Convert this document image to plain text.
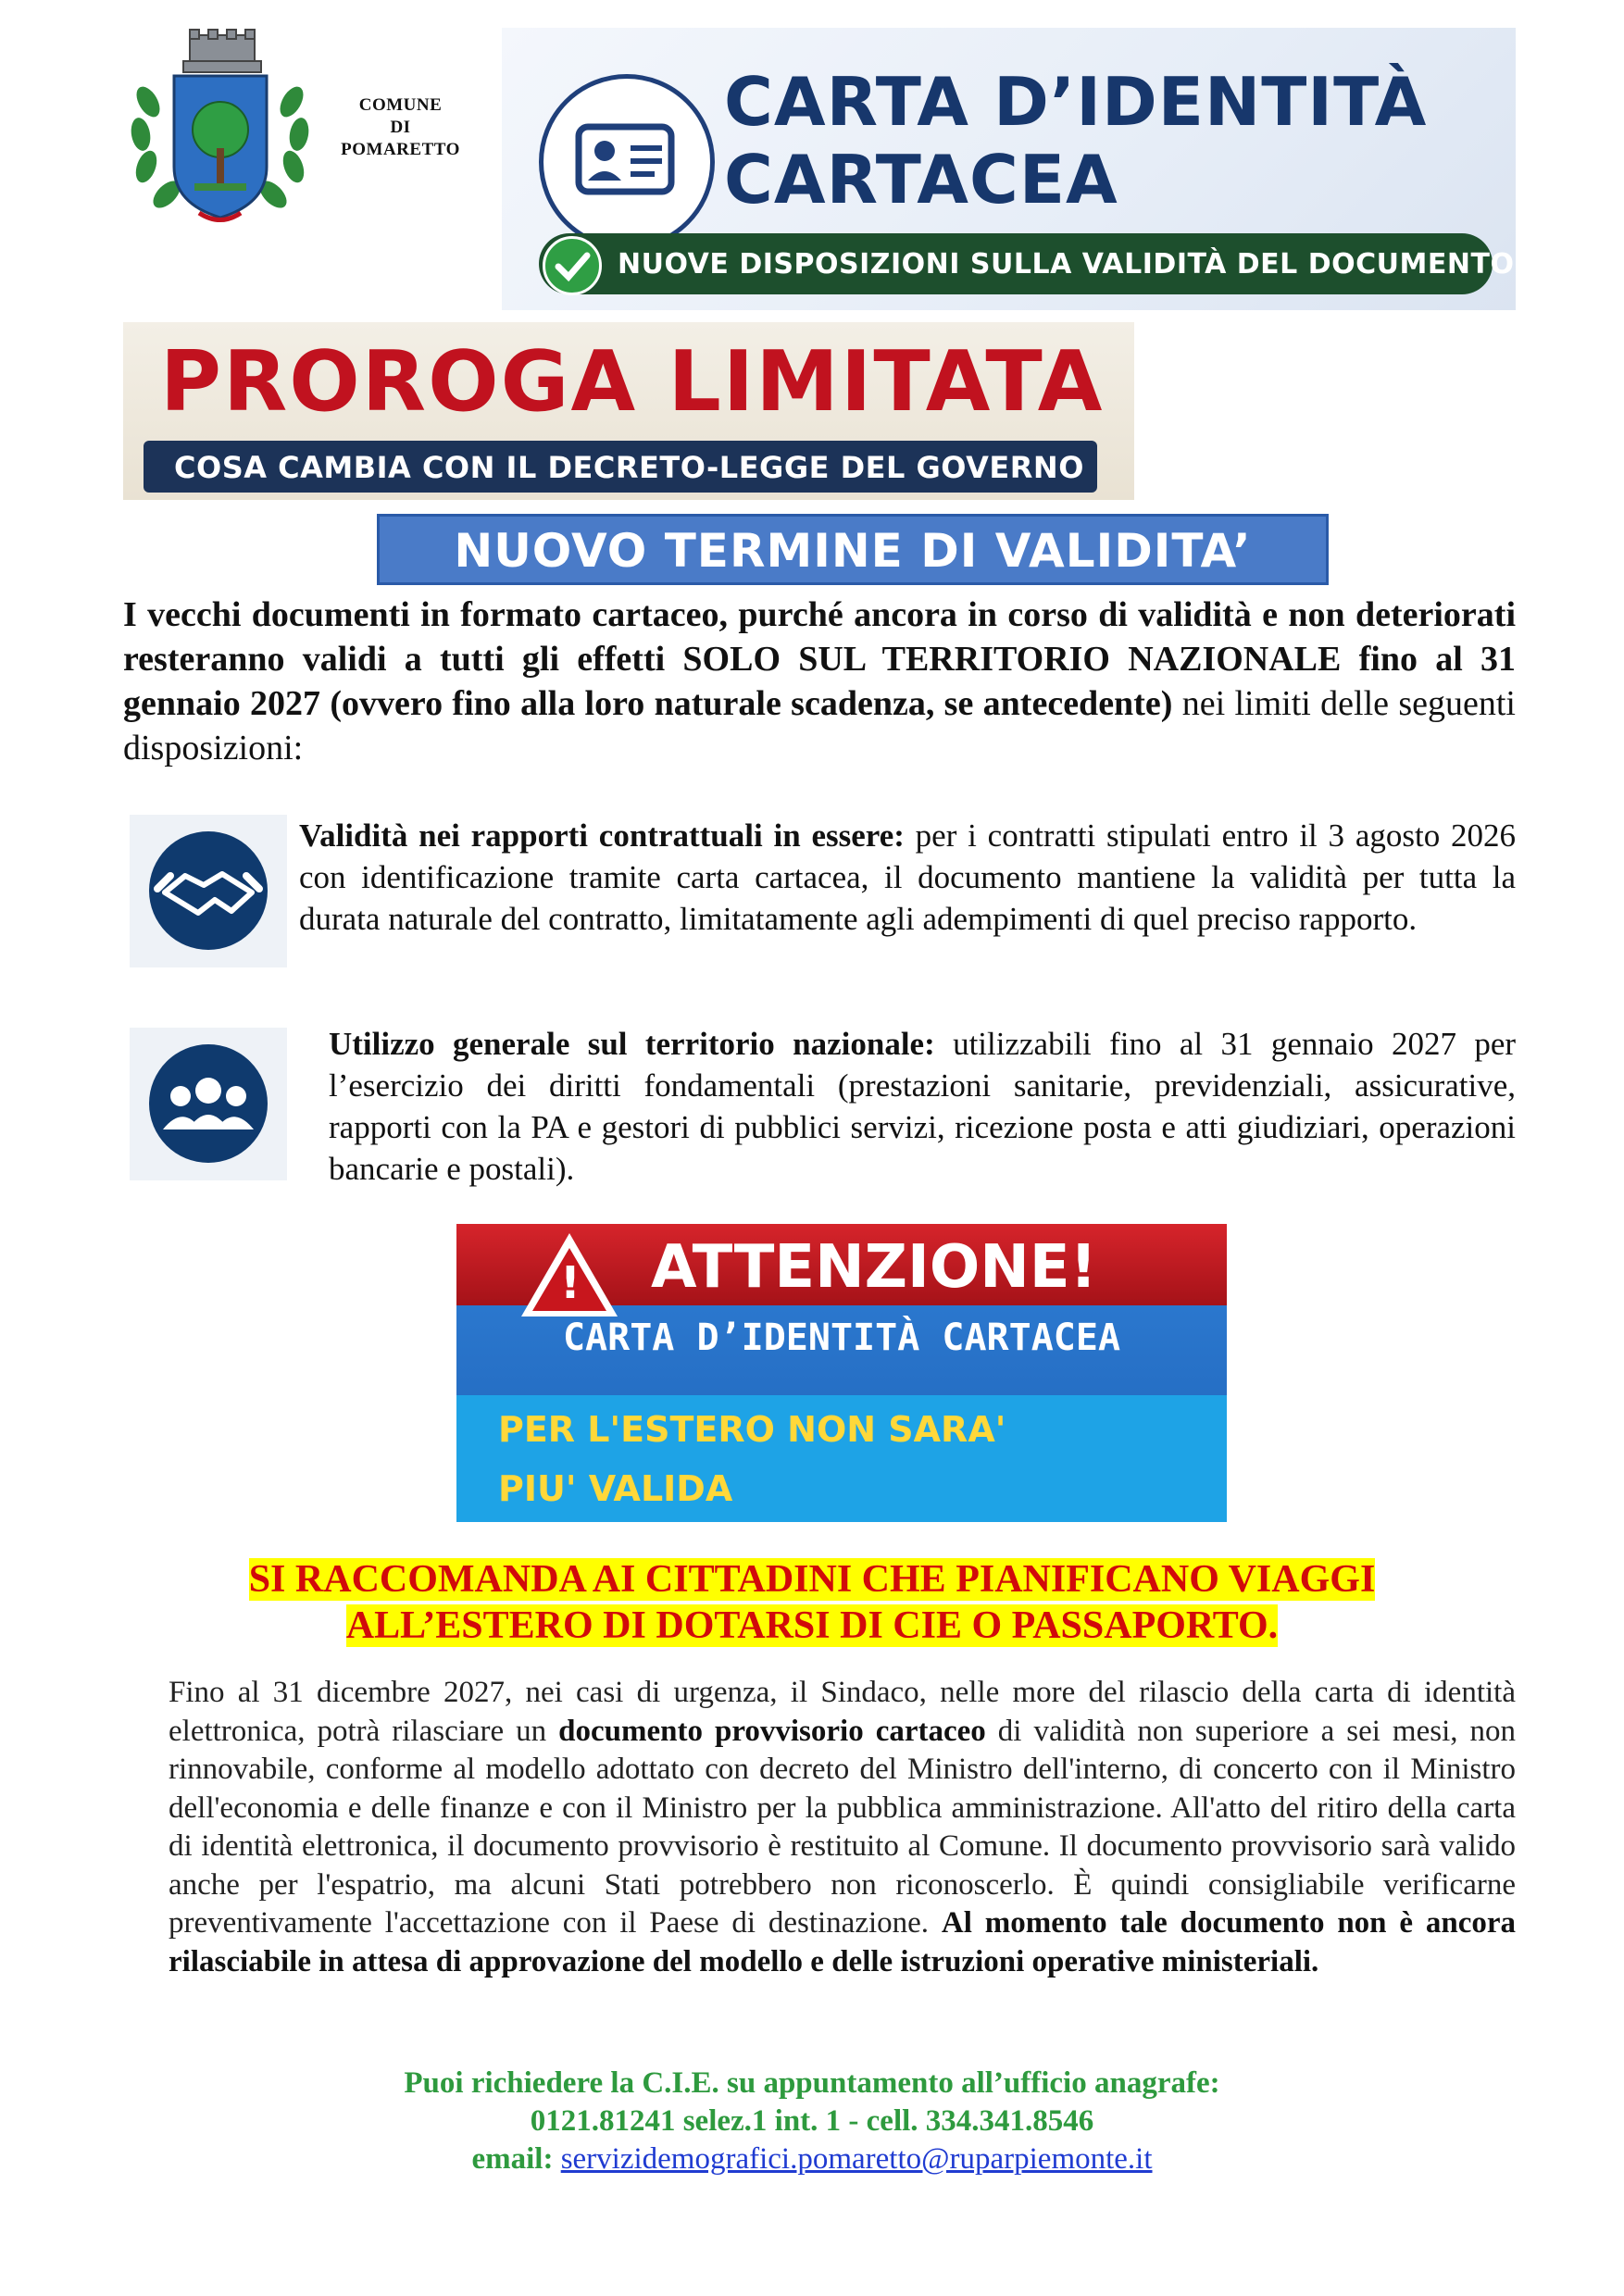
COMUNE
DI
POMARETTO
CARTA D’IDENTITÀ
CARTACEA
NUOVE DISPOSIZIONI SULLA VALIDITÀ DEL DOCUMENTO
PROROGA LIMITATA
COSA CAMBIA CON IL DECRETO-LEGGE DEL GOVERNO
NUOVO TERMINE DI VALIDITA’
I vecchi documenti in formato cartaceo, purché ancora in corso di validità e non deteriorati resteranno validi a tutti gli effetti SOLO SUL TERRITORIO NAZIONALE fino al 31 gennaio 2027 (ovvero fino alla loro naturale scadenza, se antecedente) nei limiti delle seguenti disposizioni:
Validità nei rapporti contrattuali in essere: per i contratti stipulati entro il 3 agosto 2026 con identificazione tramite carta cartacea, il documento mantiene la validità per tutta la durata naturale del contratto, limitatamente agli adempimenti di quel preciso rapporto.
Utilizzo generale sul territorio nazionale: utilizzabili fino al 31 gennaio 2027 per l’esercizio dei diritti fondamentali (prestazioni sanitarie, previdenziali, assicurative, rapporti con la PA e gestori di pubblici servizi, ricezione posta e atti giudiziari, operazioni bancarie e postali).
! ATTENZIONE!
CARTA D’IDENTITÀ CARTACEA
PER L'ESTERO NON SARA'
PIU' VALIDA
SI RACCOMANDA AI CITTADINI CHE PIANIFICANO VIAGGI
ALL’ESTERO DI DOTARSI DI CIE O PASSAPORTO.
Fino al 31 dicembre 2027, nei casi di urgenza, il Sindaco, nelle more del rilascio della carta di identità elettronica, potrà rilasciare un documento provvisorio cartaceo di validità non superiore a sei mesi, non rinnovabile, conforme al modello adottato con decreto del Ministro dell'interno, di concerto con il Ministro dell'economia e delle finanze e con il Ministro per la pubblica amministrazione. All'atto del ritiro della carta di identità elettronica, il documento provvisorio è restituito al Comune. Il documento provvisorio sarà valido anche per l'espatrio, ma alcuni Stati potrebbero non riconoscerlo. È quindi consigliabile verificarne preventivamente l'accettazione con il Paese di destinazione. Al momento tale documento non è ancora rilasciabile in attesa di approvazione del modello e delle istruzioni operative ministeriali.
Puoi richiedere la C.I.E. su appuntamento all’ufficio anagrafe:
0121.81241 selez.1 int. 1 - cell. 334.341.8546
email: servizidemografici.pomaretto@ruparpiemonte.it
